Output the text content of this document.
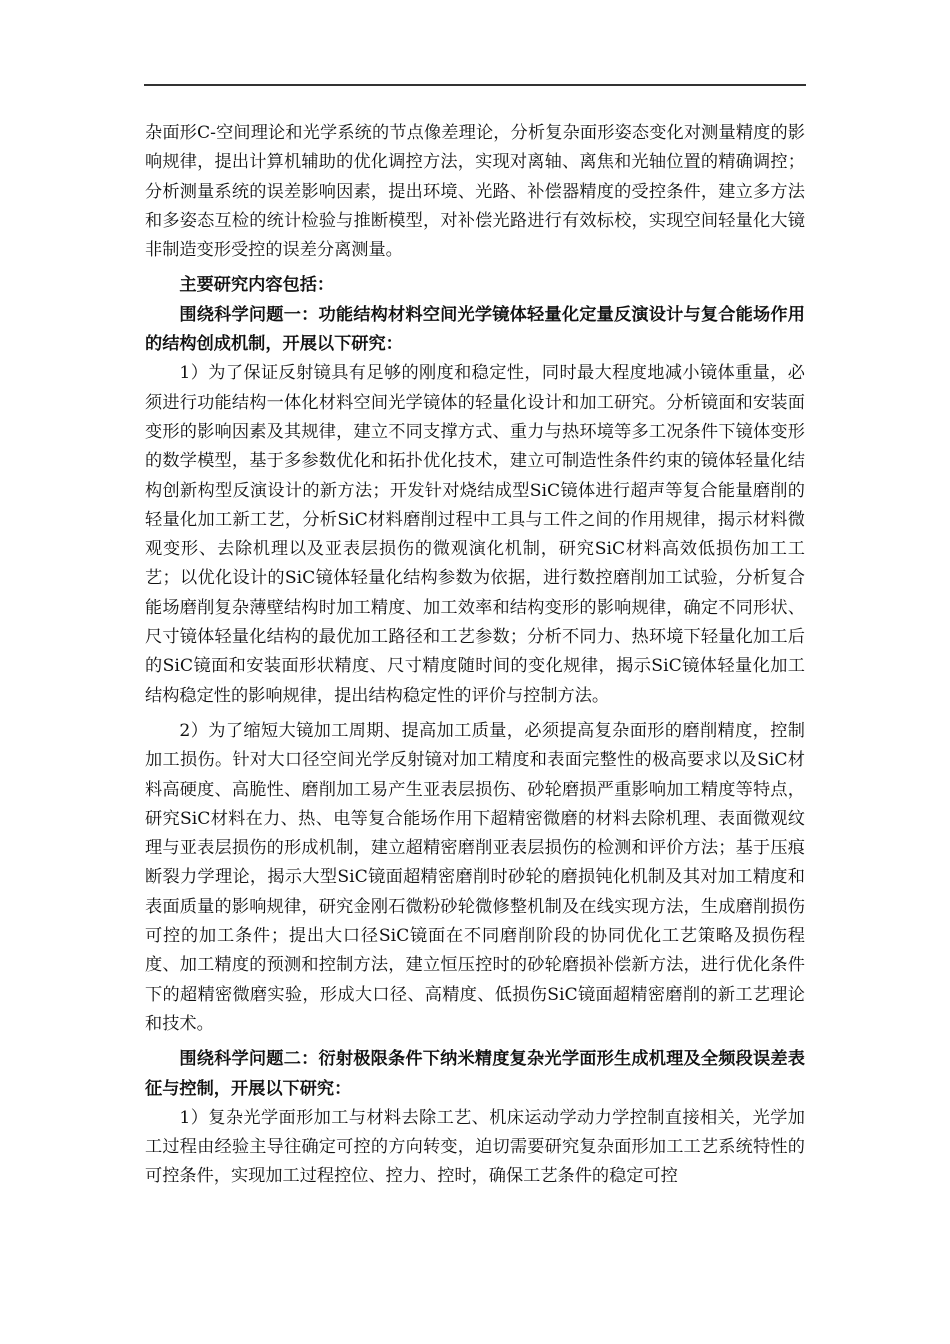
杂面形C-空间理论和光学系统的节点像差理论，分析复杂面形姿态变化对测量精度的影响规律，提出计算机辅助的优化调控方法，实现对离轴、离焦和光轴位置的精确调控；分析测量系统的误差影响因素，提出环境、光路、补偿器精度的受控条件，建立多方法和多姿态互检的统计检验与推断模型，对补偿光路进行有效标校，实现空间轻量化大镜非制造变形受控的误差分离测量。

主要研究内容包括：

围绕科学问题一：功能结构材料空间光学镜体轻量化定量反演设计与复合能场作用的结构创成机制，开展以下研究：

1）为了保证反射镜具有足够的刚度和稳定性，同时最大程度地减小镜体重量，必须进行功能结构一体化材料空间光学镜体的轻量化设计和加工研究。分析镜面和安装面变形的影响因素及其规律，建立不同支撑方式、重力与热环境等多工况条件下镜体变形的数学模型，基于多参数优化和拓扑优化技术，建立可制造性条件约束的镜体轻量化结构创新构型反演设计的新方法；开发针对烧结成型SiC镜体进行超声等复合能量磨削的轻量化加工新工艺，分析SiC材料磨削过程中工具与工件之间的作用规律，揭示材料微观变形、去除机理以及亚表层损伤的微观演化机制，研究SiC材料高效低损伤加工工艺；以优化设计的SiC镜体轻量化结构参数为依据，进行数控磨削加工试验，分析复合能场磨削复杂薄壁结构时加工精度、加工效率和结构变形的影响规律，确定不同形状、尺寸镜体轻量化结构的最优加工路径和工艺参数；分析不同力、热环境下轻量化加工后的SiC镜面和安装面形状精度、尺寸精度随时间的变化规律，揭示SiC镜体轻量化加工结构稳定性的影响规律，提出结构稳定性的评价与控制方法。

2）为了缩短大镜加工周期、提高加工质量，必须提高复杂面形的磨削精度，控制加工损伤。针对大口径空间光学反射镜对加工精度和表面完整性的极高要求以及SiC材料高硬度、高脆性、磨削加工易产生亚表层损伤、砂轮磨损严重影响加工精度等特点，研究SiC材料在力、热、电等复合能场作用下超精密微磨的材料去除机理、表面微观纹理与亚表层损伤的形成机制，建立超精密磨削亚表层损伤的检测和评价方法；基于压痕断裂力学理论，揭示大型SiC镜面超精密磨削时砂轮的磨损钝化机制及其对加工精度和表面质量的影响规律，研究金刚石微粉砂轮微修整机制及在线实现方法，生成磨削损伤可控的加工条件；提出大口径SiC镜面在不同磨削阶段的协同优化工艺策略及损伤程度、加工精度的预测和控制方法，建立恒压控时的砂轮磨损补偿新方法，进行优化条件下的超精密微磨实验，形成大口径、高精度、低损伤SiC镜面超精密磨削的新工艺理论和技术。

围绕科学问题二：衍射极限条件下纳米精度复杂光学面形生成机理及全频段误差表征与控制，开展以下研究：

1）复杂光学面形加工与材料去除工艺、机床运动学动力学控制直接相关，光学加工过程由经验主导往确定可控的方向转变，迫切需要研究复杂面形加工工艺系统特性的可控条件，实现加工过程控位、控力、控时，确保工艺条件的稳定可控
